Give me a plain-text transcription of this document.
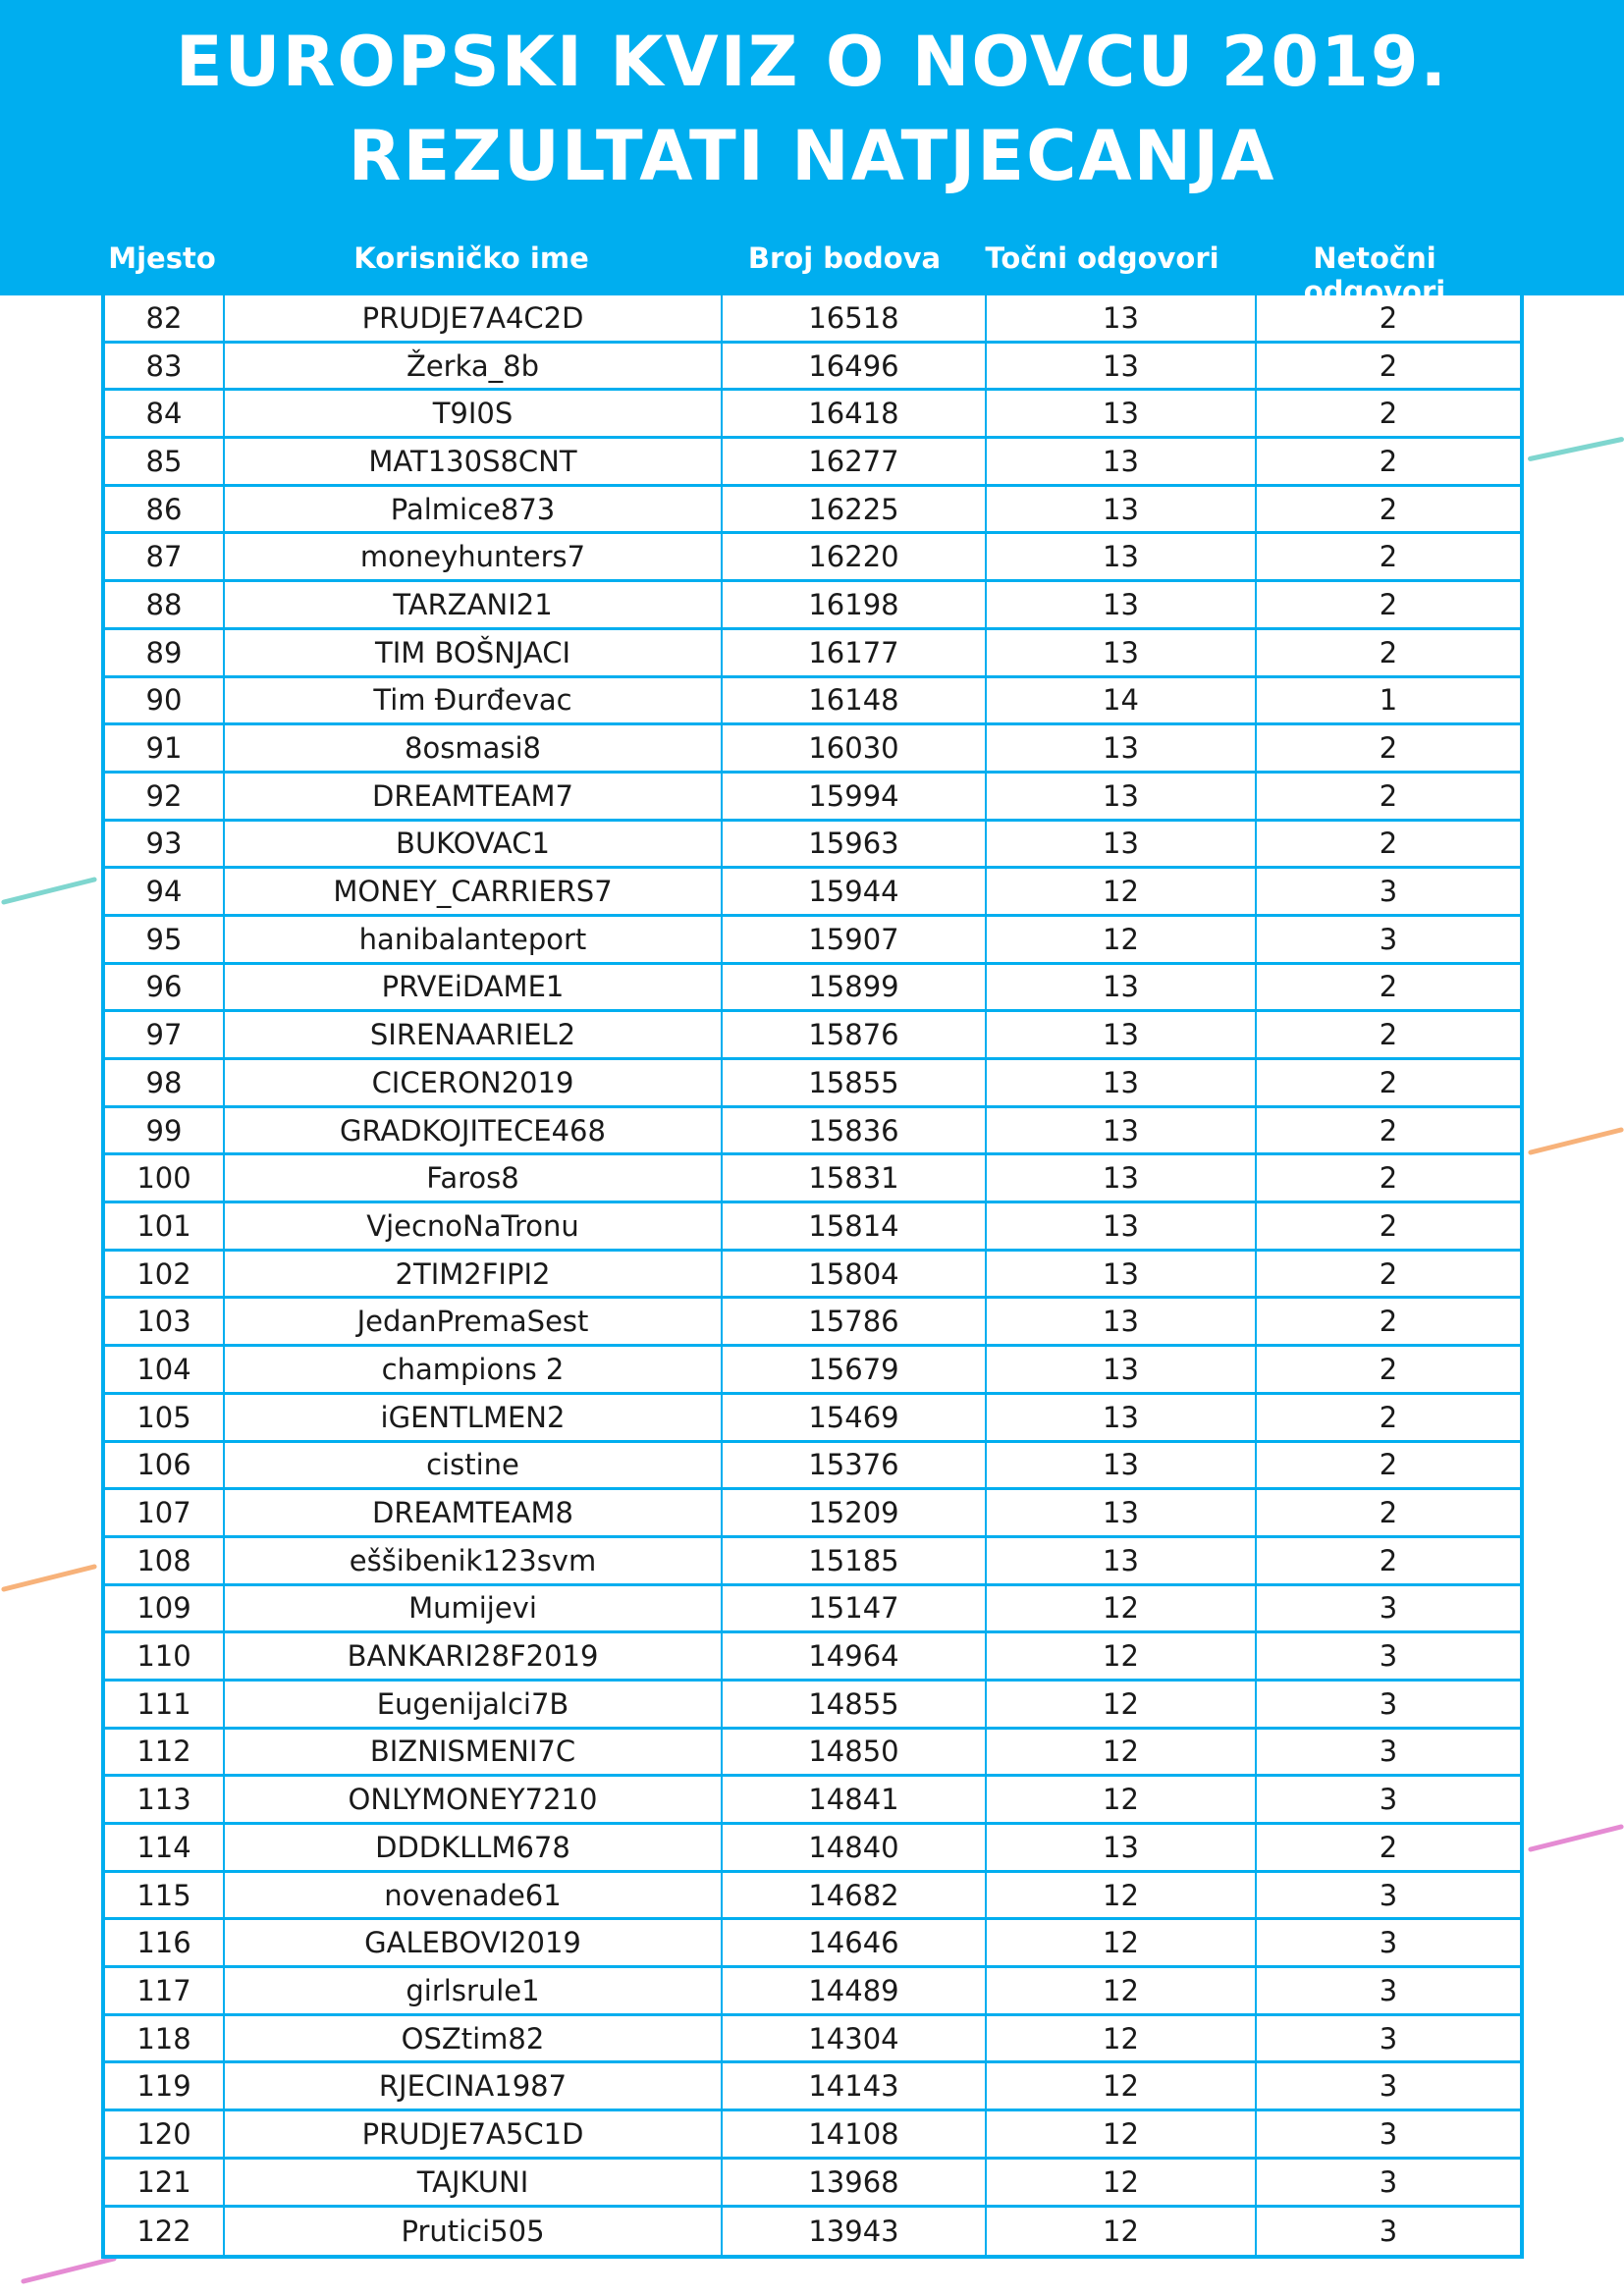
EUROPSKI KVIZ O NOVCU 2019.
REZULTATI NATJECANJA
Mjesto	Korisničko ime	Broj bodova	Točni odgovori	Netočni odgovori
82	PRUDJE7A4C2D	16518	13	2
83	Žerka_8b	16496	13	2
84	T9I0S	16418	13	2
85	MAT130S8CNT	16277	13	2
86	Palmice873	16225	13	2
87	moneyhunters7	16220	13	2
88	TARZANI21	16198	13	2
89	TIM BOŠNJACI	16177	13	2
90	Tim Đurđevac	16148	14	1
91	8osmasi8	16030	13	2
92	DREAMTEAM7	15994	13	2
93	BUKOVAC1	15963	13	2
94	MONEY_CARRIERS7	15944	12	3
95	hanibalanteport	15907	12	3
96	PRVEiDAME1	15899	13	2
97	SIRENAARIEL2	15876	13	2
98	CICERON2019	15855	13	2
99	GRADKOJITECE468	15836	13	2
100	Faros8	15831	13	2
101	VjecnoNaTronu	15814	13	2
102	2TIM2FIPI2	15804	13	2
103	JedanPremaSest	15786	13	2
104	champions 2	15679	13	2
105	iGENTLMEN2	15469	13	2
106	cistine	15376	13	2
107	DREAMTEAM8	15209	13	2
108	eššibenik123svm	15185	13	2
109	Mumijevi	15147	12	3
110	BANKARI28F2019	14964	12	3
111	Eugenijalci7B	14855	12	3
112	BIZNISMENI7C	14850	12	3
113	ONLYMONEY7210	14841	12	3
114	DDDKLLM678	14840	13	2
115	novenade61	14682	12	3
116	GALEBOVI2019	14646	12	3
117	girlsrule1	14489	12	3
118	OSZtim82	14304	12	3
119	RJECINA1987	14143	12	3
120	PRUDJE7A5C1D	14108	12	3
121	TAJKUNI	13968	12	3
122	Prutici505	13943	12	3
